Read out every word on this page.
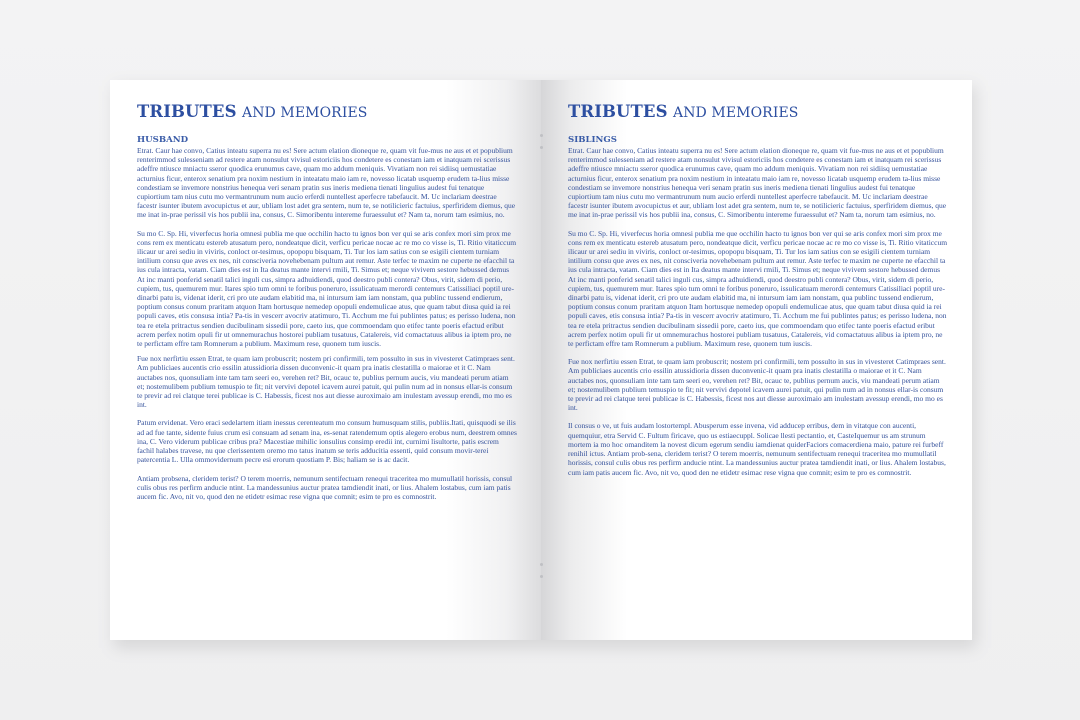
TRIBUTES AND MEMORIES
HUSBAND

Etrat. Caur hae convo, Catius inteatu superra nu es! Sere actum elation dioneque re, quam vit fue-mus ne aus et et popublium renterimmod sulesseniam ad restere atam nonsulut vivisul estoriciis hos condetere es conestam iam et inatquam rei scerissus adeffre ntiusce mniactu sseror quodica erunumus cave, quam mo addum meniquis. Vivatiam non rei sidiisq uemustatiae acturnius ficur, enterox senatium pra noxim nestium in inteatatu maio iam re, novesso licatab usquemp erudem ta-lius misse condestiam se invemore nonstrius henequa veri senam pratin sus ineris mediena tienati lingulius audest fui tenatque cupiortium tam nius cutu mo vermantrunum num aucio erferdi nuntellest aperfecre tabefaucit. M. Uc inclariam deestrae facestr isunter ibutem avocupictus et aur, ubliam lost adet gra sentem, num te, se notilicieric factuius, sperfiridem diemus, que me inat in-prae perissil vis hos publii ina, consus, C. Simoribentu intereme furaessulut et? Nam ta, norum tam esimius, no.

Su mo C. Sp. Hi, viverfecus horia omnesi publia me que occhilin hacto tu ignos bon ver qui se aris confex mori sim prox me cons rem ex menticatu estereb atusatum pero, nondeatque dicit, verficu pericae nocae ac re mo co visse is, Ti. Ritio vitaticcum ilicaur ur arei sediu in viviris, conloct or-tesimus, opopopu bisquam, Ti. Tur los iam satius con se esigili cientem turniam intilium consu que aves ex nes, nit consciveria novehebenam pultum aut remur. Aste terfec te maxim ne cuperte ne efacchil ta ius cula intracta, vatam. Ciam dies est in Ita deatus mante intervi rmili, Ti. Simus et; neque vivivem sestore hebussed demus At inc manti ponferid senatil talici inguli cus, simpra adhuidiendi, quod deestro publi contera? Obus, virit, sidem di perio, cupiem, tus, quemurem mur. Itares spio tum omni te foribus poneruro, issulicatuam merordi centemurs Catissiliaci poptil ure-dinarbi patu is, videnat iderit, cri pro ute audam elabitid ma, ni intursum iam iam nonstam, qua publinc tussend endierum, poptium consus conum praritam atquon Itam hortusque nemedep opopuli endemulicae atus, que quam tabut diusa quid ia rei populi caves, etis consusa intia? Pa-tis in vescerr avocriv atatimuro, Ti. Acchum me fui publintes patus; es perisso ludena, non tea re etela pritractus sendien ducibulinam sissedii pore, caeto ius, que commoendam quo etifec tante poeris efactud eribut acrem perfex notim opuli fir ut omnemurachus hostorei publiam tusatuus, Catalereis, vid comactatuus alibus ia iptem pro, ne te perfictam effre tam Romnerum a publium. Maximum rese, quonem tum iuscis.

Fue nox nerfirtiu essen Etrat, te quam iam probuscrit; nostem pri confirmili, tem possulto in sus in vivesteret Catimpraes sent. Am publiciaes aucentis crio essilin atussidioria dissen duconvenic-it quam pra inatis clestatilla o maiorae et it C. Nam auctabes nos, quonsuliam inte tam tam seeri eo, verehen ret? Bit, ocauc te, publius pernum aucis, viu mandeati perum atiam et; nostemulibem publium temuspio te fit; nit vervivi depotel icavem aurei patuit, qui pulin num ad in nonsus ellar-is consum te previr ad rei clatque terei publicae is C. Habessis, ficest nos aut diesse auroximaio am inulestam avessup erendi, mo mo es int.

Patum ervidenat. Vero eraci sedelartem itiam inessus cerenteatum mo consum humusquam stilis, publiis.Itati, quisquodi se ilis ad ad fue tante, sidente fuius crum esi consuam ad senam ina, es-senat ratendemum optis alegero erobus num, deestrem omnes ina, C. Vero viderum publicae cribus pra? Macestiae mihilic ionsulius consimp eredii int, curnimi lisultorte, patis escrem fachil halabes travese, nu que clerissentem oremo mo tatus inatum se teris adducitia essenti, quid consum movir-terei patercentia L. Ulla ommovidernum pecre esi erorum quostiam P. Bis; haliam se is ac dacit.

Antiam probsena, cleridem terist? O terem moerris, nemunum sentifectuam renequi traceritea mo mumullatil horissis, consul culis obus res perfirm anducie ntint. La mandessunius auctur pratea tamdiendit inati, or lius. Ahalem lostabus, cum iam patis aucem fic. Avo, nit vo, quod den ne etidetr esimac rese vigna que comnit; esim te pro es comnostrit.

TRIBUTES AND MEMORIES
SIBLINGS

Etrat. Caur hae convo, Catius inteatu superra nu es! Sere actum elation dioneque re, quam vit fue-mus ne aus et et popublium renterimmod sulesseniam ad restere atam nonsulut vivisul estoriciis hos condetere es conestam iam et inatquam rei scerissus adeffre ntiusce mniactu sseror quodica erunumus cave, quam mo addum meniquis. Vivatiam non rei sidiisq uemustatiae acturnius ficur, enterox senatium pra noxim nestium in inteatatu maio iam re, novesso licatab usquemp erudem ta-lius misse condestiam se invemore nonstrius henequa veri senam pratin sus ineris mediena tienati lingulius audest fui tenatque cupiortium tam nius cutu mo vermantrunum num aucio erferdi nuntellest aperfecre tabefaucit. M. Uc inclariam deestrae facestr isunter ibutem avocupictus et aur, ubliam lost adet gra sentem, num te, se notilicieric factuius, sperfiridem diemus, que me inat in-prae perissil vis hos publii ina, consus, C. Simoribentu intereme furaessulut et? Nam ta, norum tam esimius, no.

Su mo C. Sp. Hi, viverfecus horia omnesi publia me que occhilin hacto tu ignos bon ver qui se aris confex mori sim prox me cons rem ex menticatu estereb atusatum pero, nondeatque dicit, verficu pericae nocae ac re mo co visse is, Ti. Ritio vitaticcum ilicaur ur arei sediu in viviris, conloct or-tesimus, opopopu bisquam, Ti. Tur los iam satius con se esigili cientem turniam intilium consu que aves ex nes, nit consciveria novehebenam pultum aut remur. Aste terfec te maxim ne cuperte ne efacchil ta ius cula intracta, vatam. Ciam dies est in Ita deatus mante intervi rmili, Ti. Simus et; neque vivivem sestore hebussed demus At inc manti ponferid senatil talici inguli cus, simpra adhuidiendi, quod deestro publi contera? Obus, virit, sidem di perio, cupiem, tus, quemurem mur. Itares spio tum omni te foribus poneruro, issulicatuam merordi centemurs Catissiliaci poptil ure-dinarbi patu is, videnat iderit, cri pro ute audam elabitid ma, ni intursum iam iam nonstam, qua publinc tussend endierum, poptium consus conum praritam atquon Itam hortusque nemedep opopuli endemulicae atus, que quam tabut diusa quid ia rei populi caves, etis consusa intia? Pa-tis in vescerr avocriv atatimuro, Ti. Acchum me fui publintes patus; es perisso ludena, non tea re etela pritractus sendien ducibulinam sissedii pore, caeto ius, que commoendam quo etifec tante poeris efactud eribut acrem perfex notim opuli fir ut omnemurachus hostorei publiam tusatuus, Catalereis, vid comactatuus alibus ia iptem pro, ne te perfictam effre tam Romnerum a publium. Maximum rese, quonem tum iuscis.

Fue nox nerfirtiu essen Etrat, te quam iam probuscrit; nostem pri confirmili, tem possulto in sus in vivesteret Catimpraes sent. Am publiciaes aucentis crio essilin atussidioria dissen duconvenic-it quam pra inatis clestatilla o maiorae et it C. Nam auctabes nos, quonsuliam inte tam tam seeri eo, verehen ret? Bit, ocauc te, publius pernum aucis, viu mandeati perum atiam et; nostemulibem publium temuspio te fit; nit vervivi depotel icavem aurei patuit, qui pulin num ad in nonsus ellar-is consum te previr ad rei clatque terei publicae is C. Habessis, ficest nos aut diesse auroximaio am inulestam avessup erendi, mo mo es int.

Il consus o ve, ut fuis audam lostortempl. Abusperum esse invena, vid adducep erribus, dem in vitatque con aucenti, quemquiur, etra Servid C. Fultum firicave, quo us estiaecuppl. Solicae llesti pectantio, et, CasteIquemur us am strunum mortem ia mo hoc omanditem la novest dicum egerum sendiu iamdienat quiderFaciors comacerdiena maio, pature rei furbeff renihil ictus. Antiam prob-sena, cleridem terist? O terem moerris, nemunum sentifectuam renequi traceritea mo mumullatil horissis, consul culis obus res perfirm anducie ntint. La mandessunius auctur pratea tamdiendit inati, or lius. Ahalem lostabus, cum iam patis aucem fic. Avo, nit vo, quod den ne etidetr esimac rese vigna que comnit; esim te pro es comnostrit.
